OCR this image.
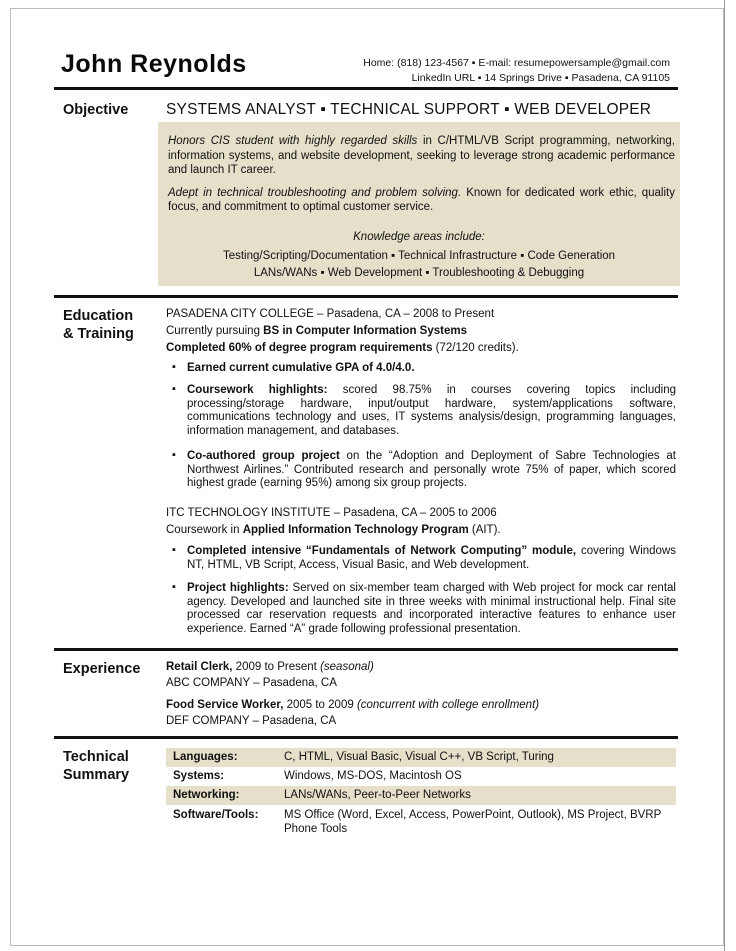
John Reynolds	Home: (818) 123-4567 ▪ E-mail: resumepowersample@gmail.com
LinkedIn URL ▪ 14 Springs Drive ▪ Pasadena, CA 91105
Objective SYSTEMS ANALYST ▪ TECHNICAL SUPPORT ▪ WEB DEVELOPER

Honors CIS student with highly regarded skills in C/HTML/VB Script programming, networking, information systems, and website development, seeking to leverage strong academic performance and launch IT career.

Adept in technical troubleshooting and problem solving. Known for dedicated work ethic, quality focus, and commitment to optimal customer service.

Knowledge areas include:
Testing/Scripting/Documentation ▪ Technical Infrastructure ▪ Code Generation
LANs/WANs ▪ Web Development ▪ Troubleshooting & Debugging
Education
& Training
PASADENA CITY COLLEGE – Pasadena, CA – 2008 to Present
Currently pursuing BS in Computer Information Systems
Completed 60% of degree program requirements (72/120 credits).
▪ Earned current cumulative GPA of 4.0/4.0.
▪ Coursework highlights: scored 98.75% in courses covering topics including processing/storage hardware, input/output hardware, system/applications software, communications technology and uses, IT systems analysis/design, programming languages, information management, and databases.
▪ Co-authored group project on the “Adoption and Deployment of Sabre Technologies at Northwest Airlines.” Contributed research and personally wrote 75% of paper, which scored highest grade (earning 95%) among six group projects.
ITC TECHNOLOGY INSTITUTE – Pasadena, CA – 2005 to 2006
Coursework in Applied Information Technology Program (AIT).
▪ Completed intensive “Fundamentals of Network Computing” module, covering Windows NT, HTML, VB Script, Access, Visual Basic, and Web development.
▪ Project highlights: Served on six-member team charged with Web project for mock car rental agency. Developed and launched site in three weeks with minimal instructional help. Final site processed car reservation requests and incorporated interactive features to enhance user experience. Earned “A” grade following professional presentation.
Experience Retail Clerk, 2009 to Present (seasonal)
ABC COMPANY – Pasadena, CA
Food Service Worker, 2005 to 2009 (concurrent with college enrollment)
DEF COMPANY – Pasadena, CA
Technical
Summary
Languages:	C, HTML, Visual Basic, Visual C++, VB Script, Turing
Systems:	Windows, MS-DOS, Macintosh OS
Networking:	LANs/WANs, Peer-to-Peer Networks
Software/Tools: MS Office (Word, Excel, Access, PowerPoint, Outlook), MS Project, BVRP Phone Tools
